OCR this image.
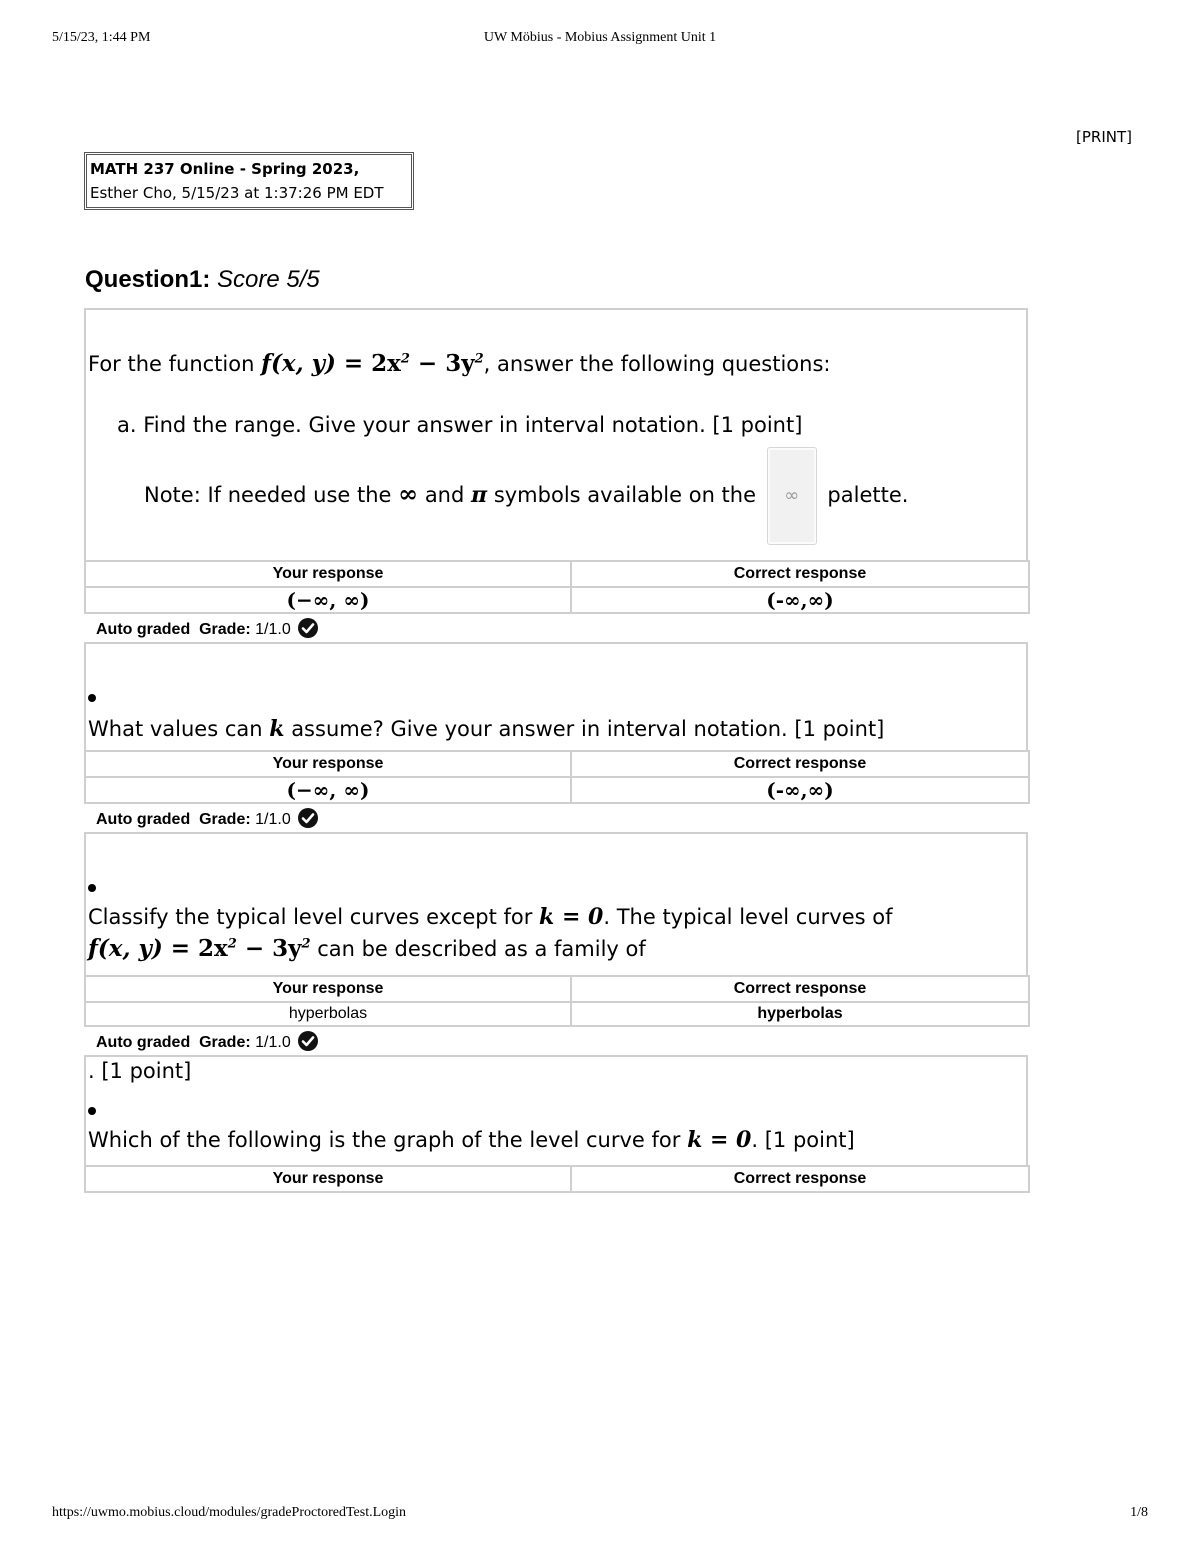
5/15/23, 1:44 PM	UW Möbius - Mobius Assignment Unit 1
[PRINT]
MATH 237 Online - Spring 2023,
Esther Cho, 5/15/23 at 1:37:26 PM EDT
Question1: Score 5/5
For the function f(x, $y) = 2x^2 - 3y^2$, answer the following questions:
a. Find the range. Give your answer in interval notation. [1 point]
Note: If needed use the ∞ and π symbols available on the ∞ palette.
Your response	Correct response
(−∞, ∞)	(-∞,∞)
Auto graded Grade: 1/1.0
What values can k assume? Give your answer in interval notation. [1 point]
Your response	Correct response
(−∞, ∞)	(-∞,∞)
Auto graded Grade: 1/1.0
Classify the typical level curves except for k = 0. The typical level curves of
f(x, $y) = 2x^2 - 3y^2$ can be described as a family of
Your response	Correct response
hyperbolas	hyperbolas
Auto graded Grade: 1/1.0
. [1 point]
Which of the following is the graph of the level curve for k = 0. [1 point]
Your response	Correct response
https://uwmo.mobius.cloud/modules/gradeProctoredTest.Login	1/8
